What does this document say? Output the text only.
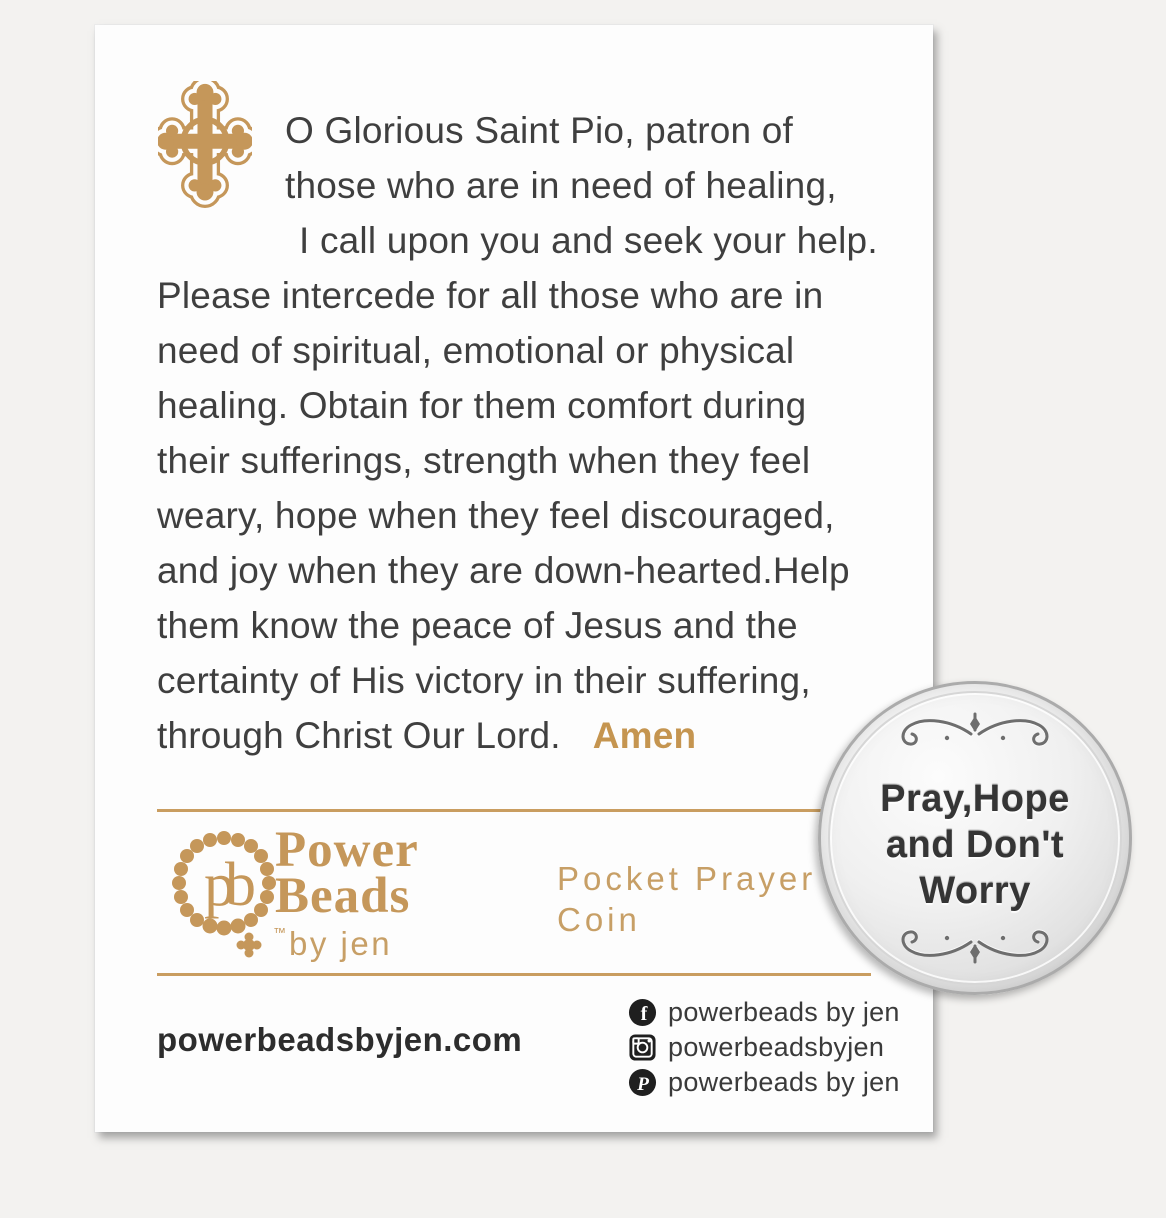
O Glorious Saint Pio, patron of
those who are in need of healing,
I call upon you and seek your help.
Please intercede for all those who are in
need of spiritual, emotional or physical
healing. Obtain for them comfort during
their sufferings, strength when they feel
weary, hope when they feel discouraged,
and joy when they are down-hearted.Help
them know the peace of Jesus and the
certainty of His victory in their suffering,
through Christ Our Lord. Amen
pb
™
Power
Beads
by jen
Pocket Prayer
Coin
powerbeadsbyjen.com
f powerbeads by jen
powerbeadsbyjen
P powerbeads by jen
Pray,Hope
and Don't
Worry
